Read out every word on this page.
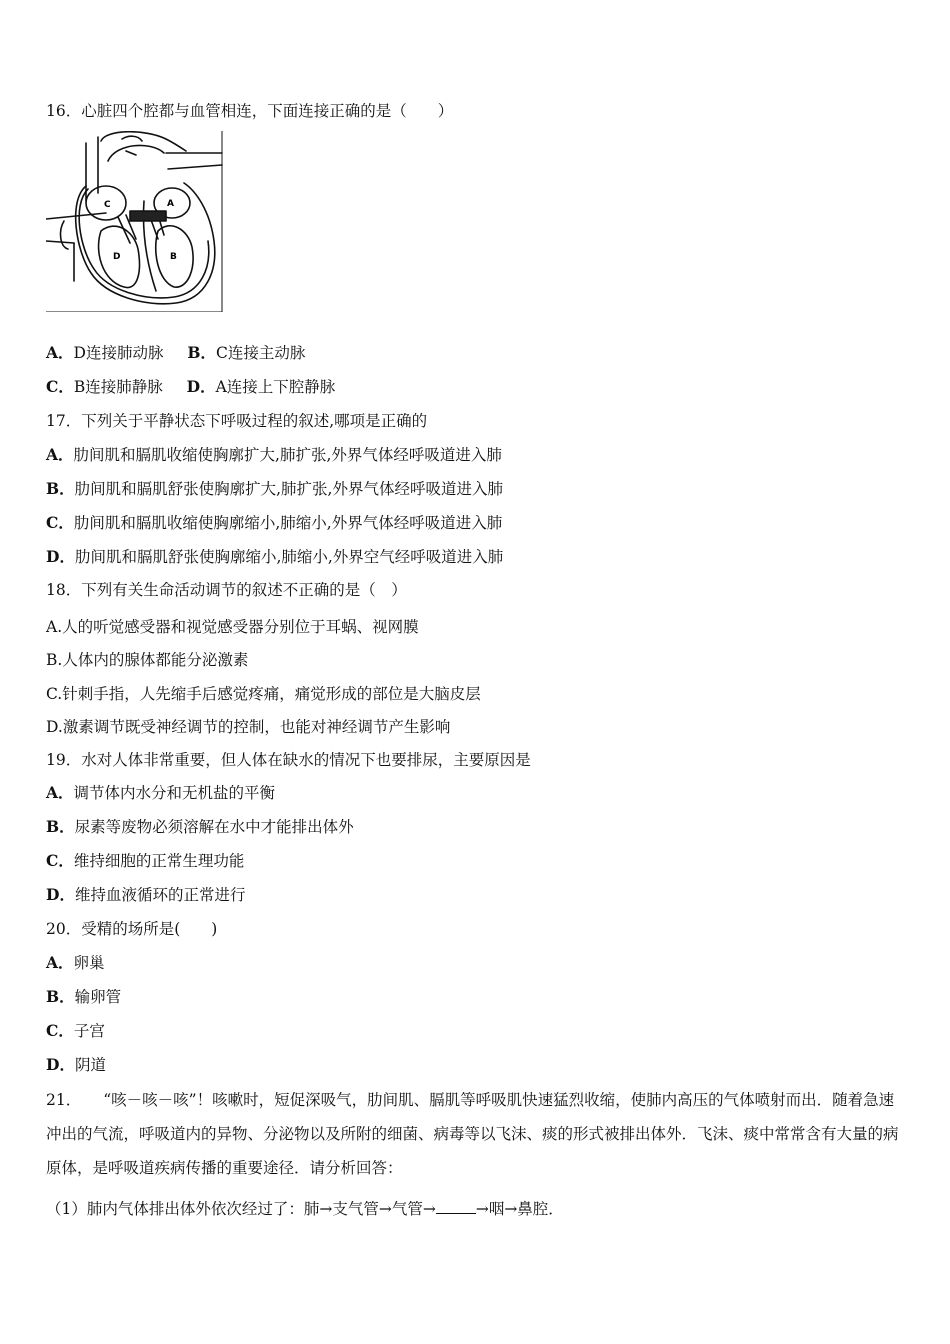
16．心脏四个腔都与血管相连，下面连接正确的是（　　）
C	A
D	B
A．D连接肺动脉 B．C连接主动脉
C．B连接肺静脉 D．A连接上下腔静脉
17．下列关于平静状态下呼吸过程的叙述,哪项是正确的
A．肋间肌和膈肌收缩使胸廓扩大,肺扩张,外界气体经呼吸道进入肺
B．肋间肌和膈肌舒张使胸廓扩大,肺扩张,外界气体经呼吸道进入肺
C．肋间肌和膈肌收缩使胸廓缩小,肺缩小,外界气体经呼吸道进入肺
D．肋间肌和膈肌舒张使胸廓缩小,肺缩小,外界空气经呼吸道进入肺
18．下列有关生命活动调节的叙述不正确的是（　）
A.人的听觉感受器和视觉感受器分别位于耳蜗、视网膜
B.人体内的腺体都能分泌激素
C.针刺手指，人先缩手后感觉疼痛，痛觉形成的部位是大脑皮层
D.激素调节既受神经调节的控制，也能对神经调节产生影响
19．水对人体非常重要，但人体在缺水的情况下也要排尿，主要原因是
A．调节体内水分和无机盐的平衡
B．尿素等废物必须溶解在水中才能排出体外
C．维持细胞的正常生理功能
D．维持血液循环的正常进行
20．受精的场所是(　　)
A．卵巢
B．输卵管
C．子宫
D．阴道
21． “咳－咳－咳”！咳嗽时，短促深吸气，肋间肌、膈肌等呼吸肌快速猛烈收缩，使肺内高压的气体喷射而出．随着急速冲出的气流，呼吸道内的异物、分泌物以及所附的细菌、病毒等以飞沫、痰的形式被排出体外．飞沫、痰中常常含有大量的病原体，是呼吸道疾病传播的重要途径．请分析回答：
（1）肺内气体排出体外依次经过了：肺→支气管→气管→	→咽→鼻腔．
